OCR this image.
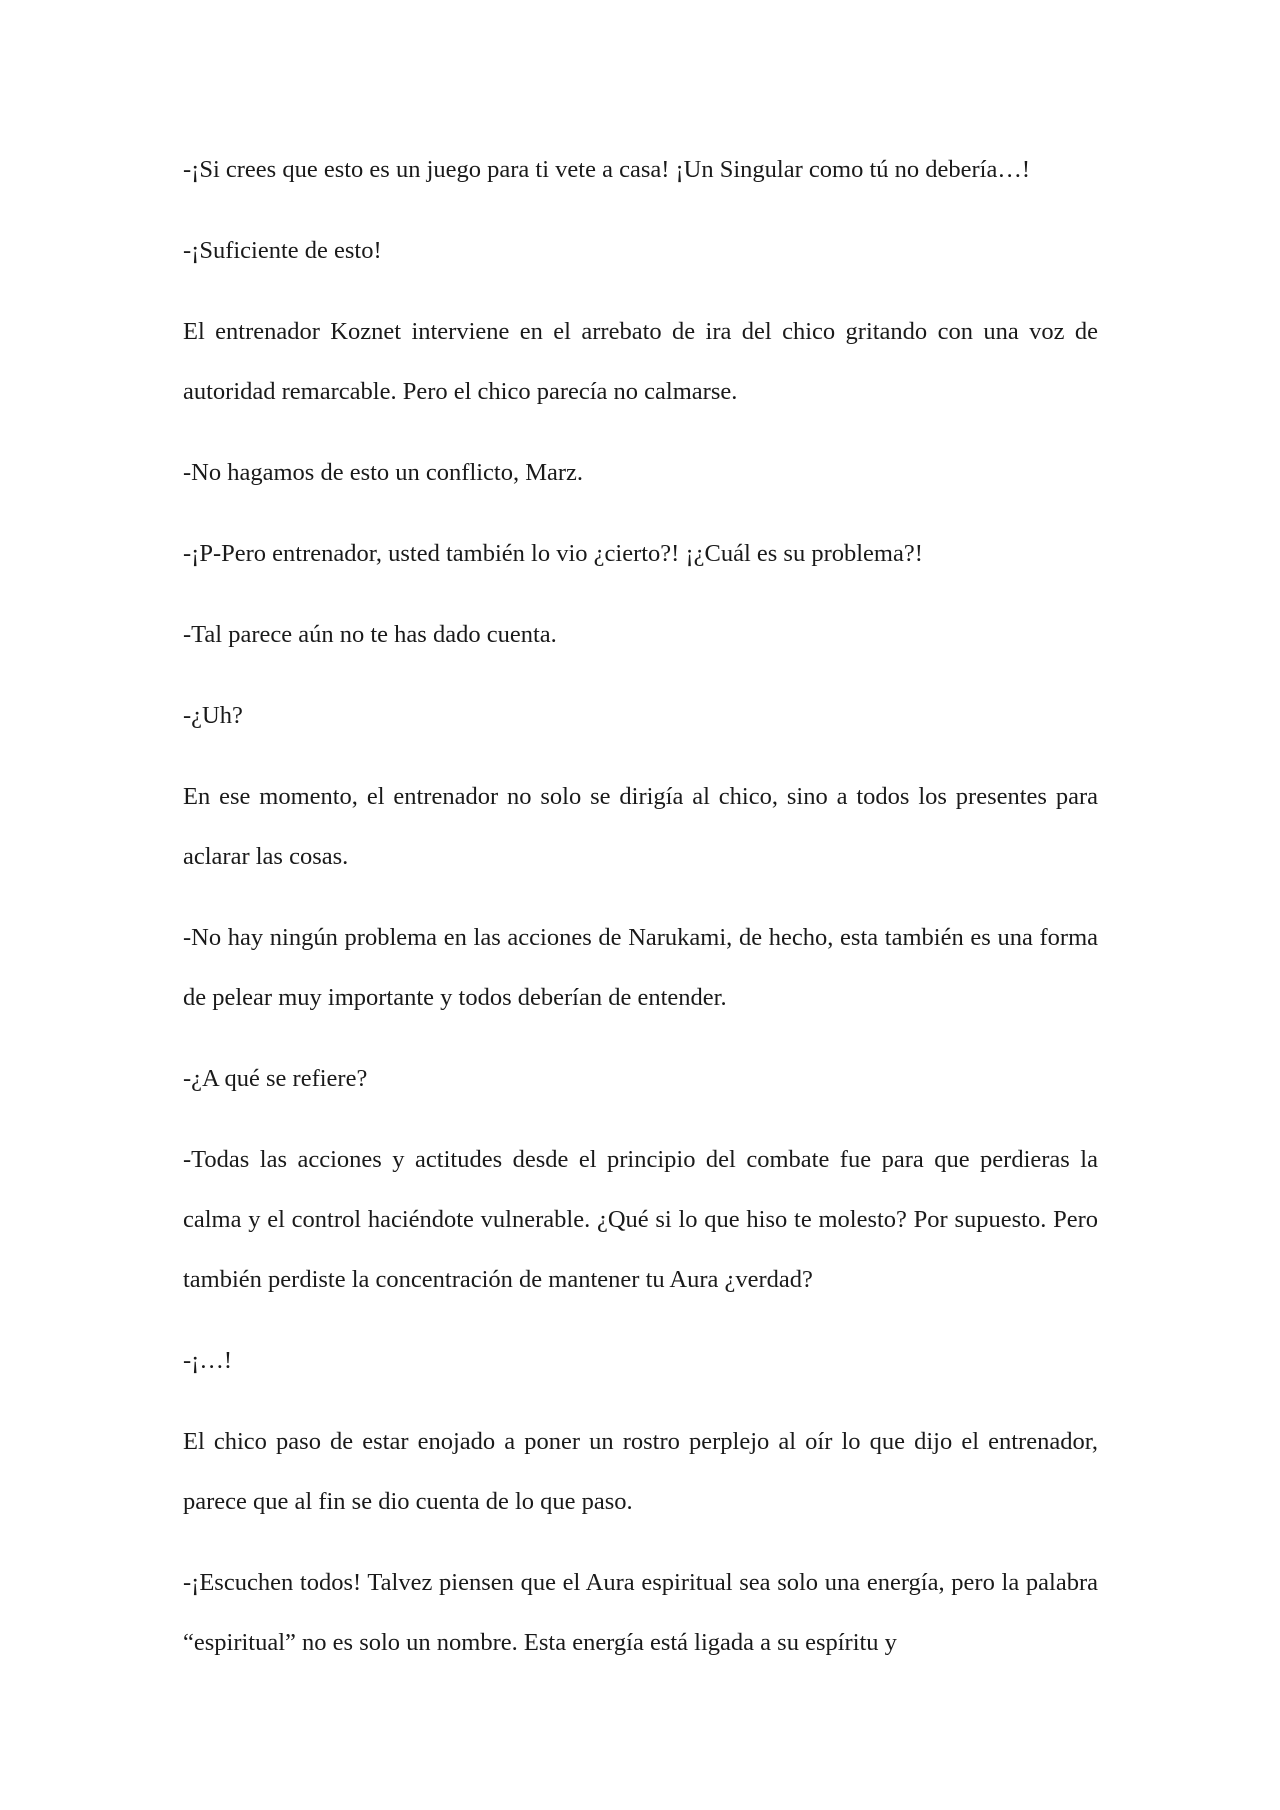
-¡Si crees que esto es un juego para ti vete a casa! ¡Un Singular como tú no debería…!

-¡Suficiente de esto!

El entrenador Koznet interviene en el arrebato de ira del chico gritando con una voz de autoridad remarcable. Pero el chico parecía no calmarse.

-No hagamos de esto un conflicto, Marz.

-¡P-Pero entrenador, usted también lo vio ¿cierto?! ¡¿Cuál es su problema?!

-Tal parece aún no te has dado cuenta.

-¿Uh?

En ese momento, el entrenador no solo se dirigía al chico, sino a todos los presentes para aclarar las cosas.

-No hay ningún problema en las acciones de Narukami, de hecho, esta también es una forma de pelear muy importante y todos deberían de entender.

-¿A qué se refiere?

-Todas las acciones y actitudes desde el principio del combate fue para que perdieras la calma y el control haciéndote vulnerable. ¿Qué si lo que hiso te molesto? Por supuesto. Pero también perdiste la concentración de mantener tu Aura ¿verdad?

-¡…!

El chico paso de estar enojado a poner un rostro perplejo al oír lo que dijo el entrenador, parece que al fin se dio cuenta de lo que paso.

-¡Escuchen todos! Talvez piensen que el Aura espiritual sea solo una energía, pero la palabra “espiritual” no es solo un nombre. Esta energía está ligada a su espíritu y
